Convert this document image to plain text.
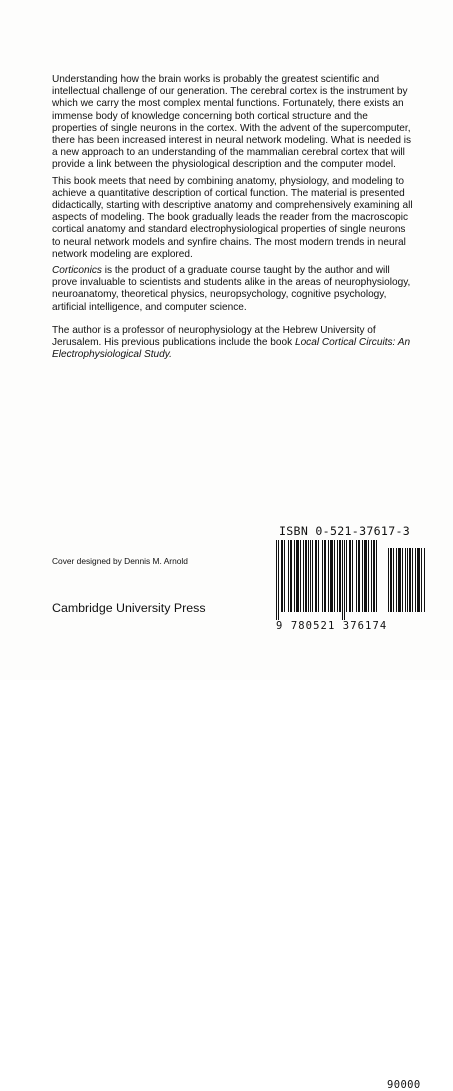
Understanding how the brain works is probably the greatest scientific and intellectual challenge of our generation. The cerebral cortex is the instrument by which we carry the most complex mental functions. Fortunately, there exists an immense body of knowledge concerning both cortical structure and the properties of single neurons in the cortex. With the advent of the supercomputer, there has been increased interest in neural network modeling. What is needed is a new approach to an understanding of the mammalian cerebral cortex that will provide a link between the physiological description and the computer model.

This book meets that need by combining anatomy, physiology, and modeling to achieve a quantitative description of cortical function. The material is presented didactically, starting with descriptive anatomy and comprehensively examining all aspects of modeling. The book gradually leads the reader from the macroscopic cortical anatomy and standard electrophysiological properties of single neurons to neural network models and synfire chains. The most modern trends in neural network modeling are explored.

Corticonics is the product of a graduate course taught by the author and will prove invaluable to scientists and students alike in the areas of neurophysiology, neuroanatomy, theoretical physics, neuropsychology, cognitive psychology, artificial intelligence, and computer science.

The author is a professor of neurophysiology at the Hebrew University of Jerusalem. His previous publications include the book Local Cortical Circuits: An Electrophysiological Study.

Cover designed by Dennis M. Arnold
Cambridge University Press
ISBN 0-521-37617-3
9 780521 376174
90000
